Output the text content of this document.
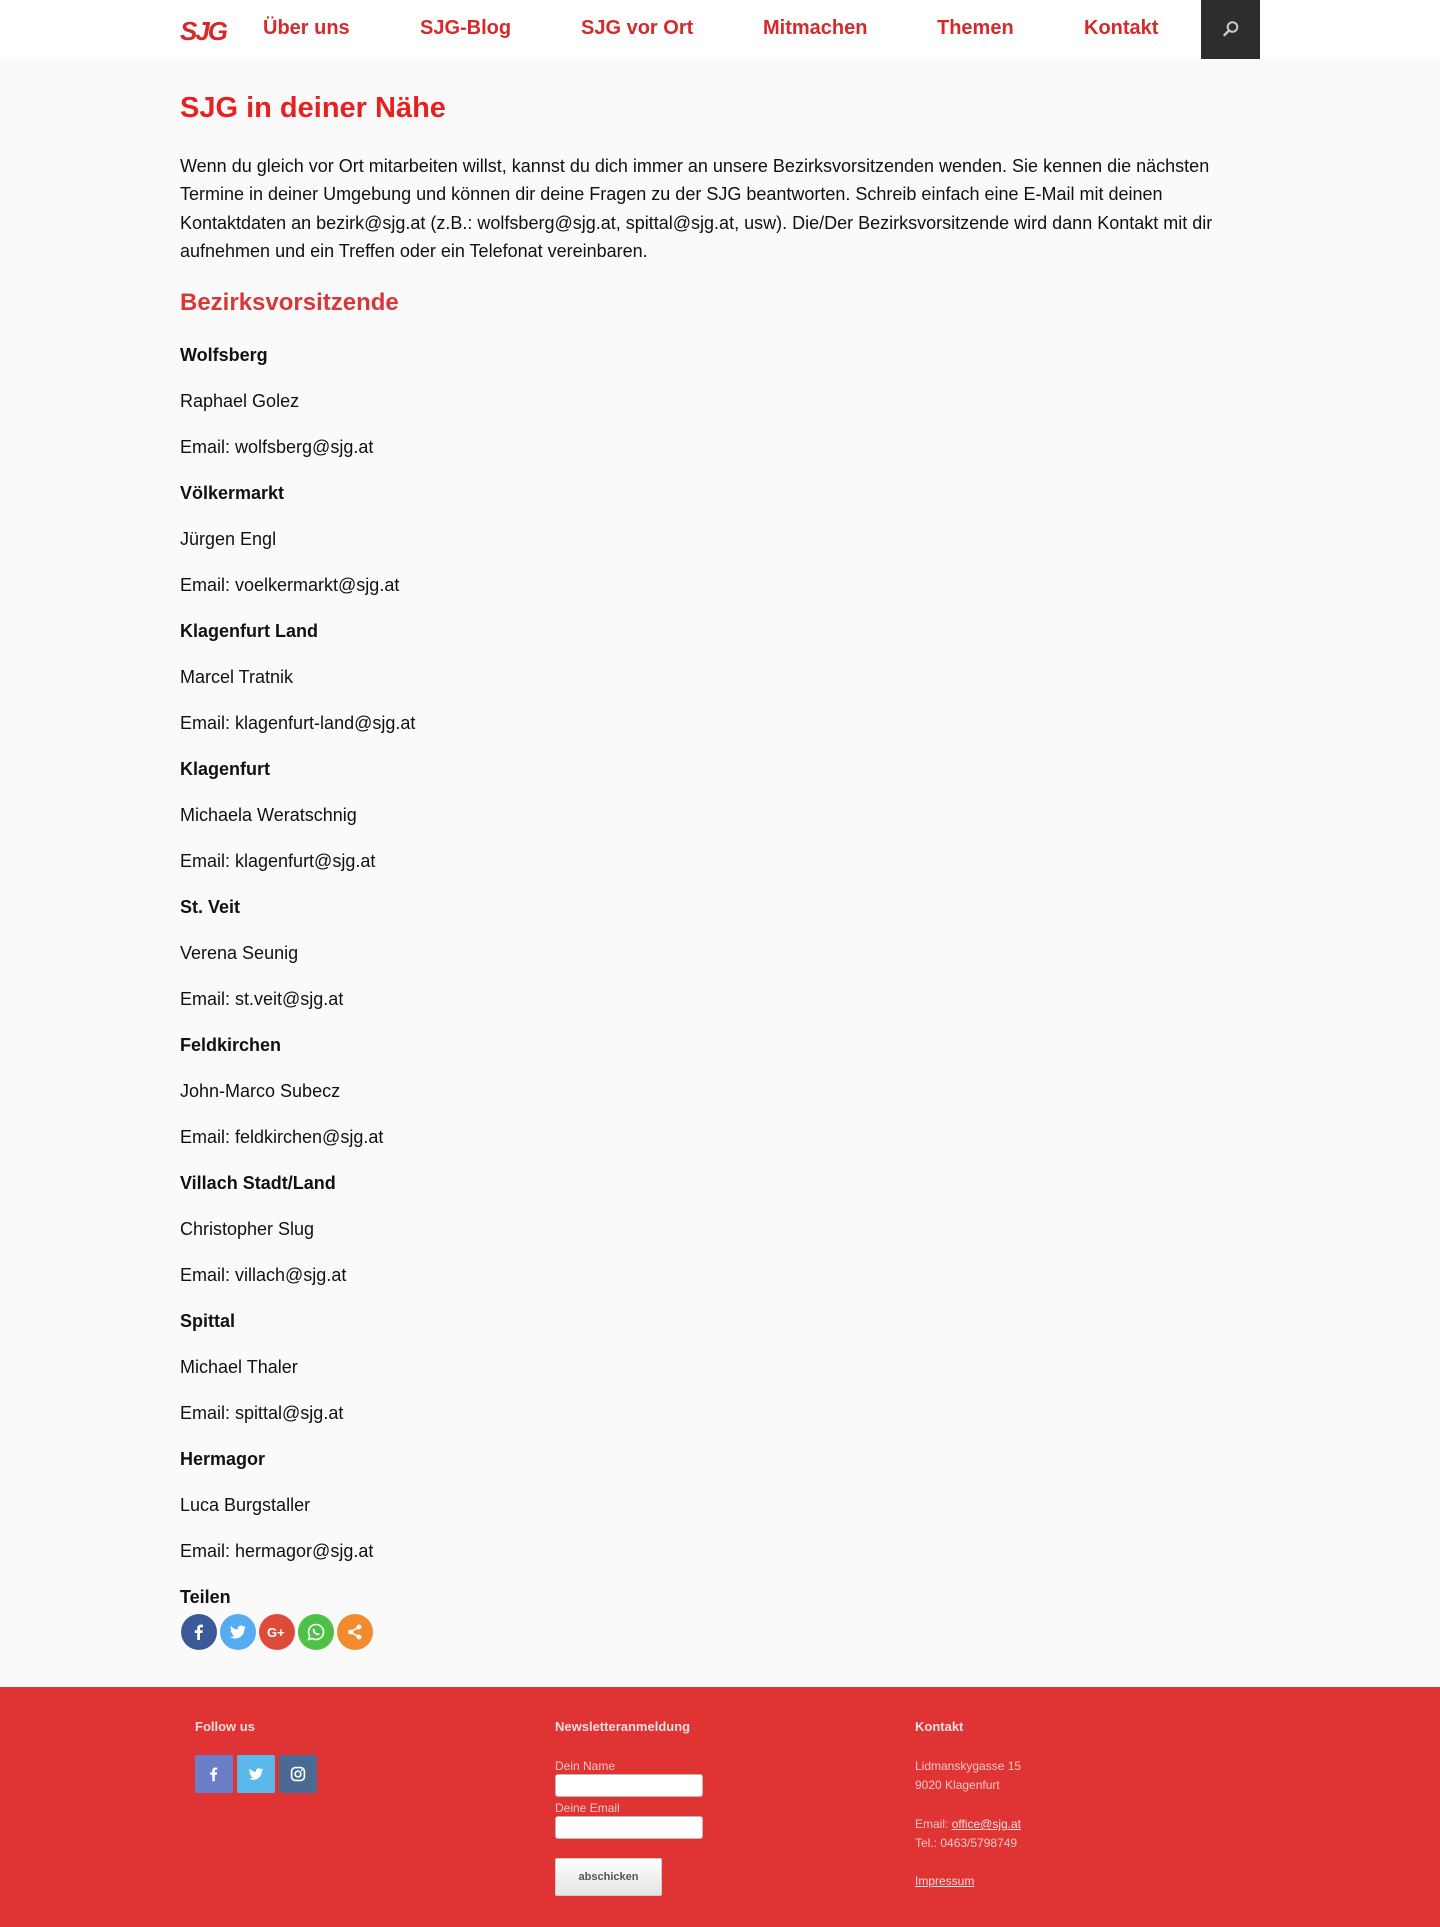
SJG Über uns	SJG-Blog	SJG vor Ort	Mitmachen	Themen	Kontakt
SJG in deiner Nähe

Wenn du gleich vor Ort mitarbeiten willst, kannst du dich immer an unsere Bezirksvorsitzenden wenden. Sie kennen die nächsten Termine in deiner Umgebung und können dir deine Fragen zu der SJG beantworten. Schreib einfach eine E-Mail mit deinen Kontaktdaten an bezirk@sjg.at (z.B.: wolfsberg@sjg.at, spittal@sjg.at, usw). Die/Der Bezirksvorsitzende wird dann Kontakt mit dir aufnehmen und ein Treffen oder ein Telefonat vereinbaren.

Bezirksvorsitzende
Wolfsberg
Raphael Golez
Email: wolfsberg@sjg.at
Völkermarkt
Jürgen Engl
Email: voelkermarkt@sjg.at
Klagenfurt Land
Marcel Tratnik
Email: klagenfurt-land@sjg.at
Klagenfurt
Michaela Weratschnig
Email: klagenfurt@sjg.at
St. Veit
Verena Seunig
Email: st.veit@sjg.at
Feldkirchen
John-Marco Subecz
Email: feldkirchen@sjg.at
Villach Stadt/Land
Christopher Slug
Email: villach@sjg.at
Spittal
Michael Thaler
Email: spittal@sjg.at
Hermagor
Luca Burgstaller
Email: hermagor@sjg.at
Teilen
G+
Follow us	Newsletteranmeldung
Dein Name
Deine Email
abschicken
Kontakt
Lidmanskygasse 15
9020 Klagenfurt
Email: office@sjg.at
Tel.: 0463/5798749
Impressum
